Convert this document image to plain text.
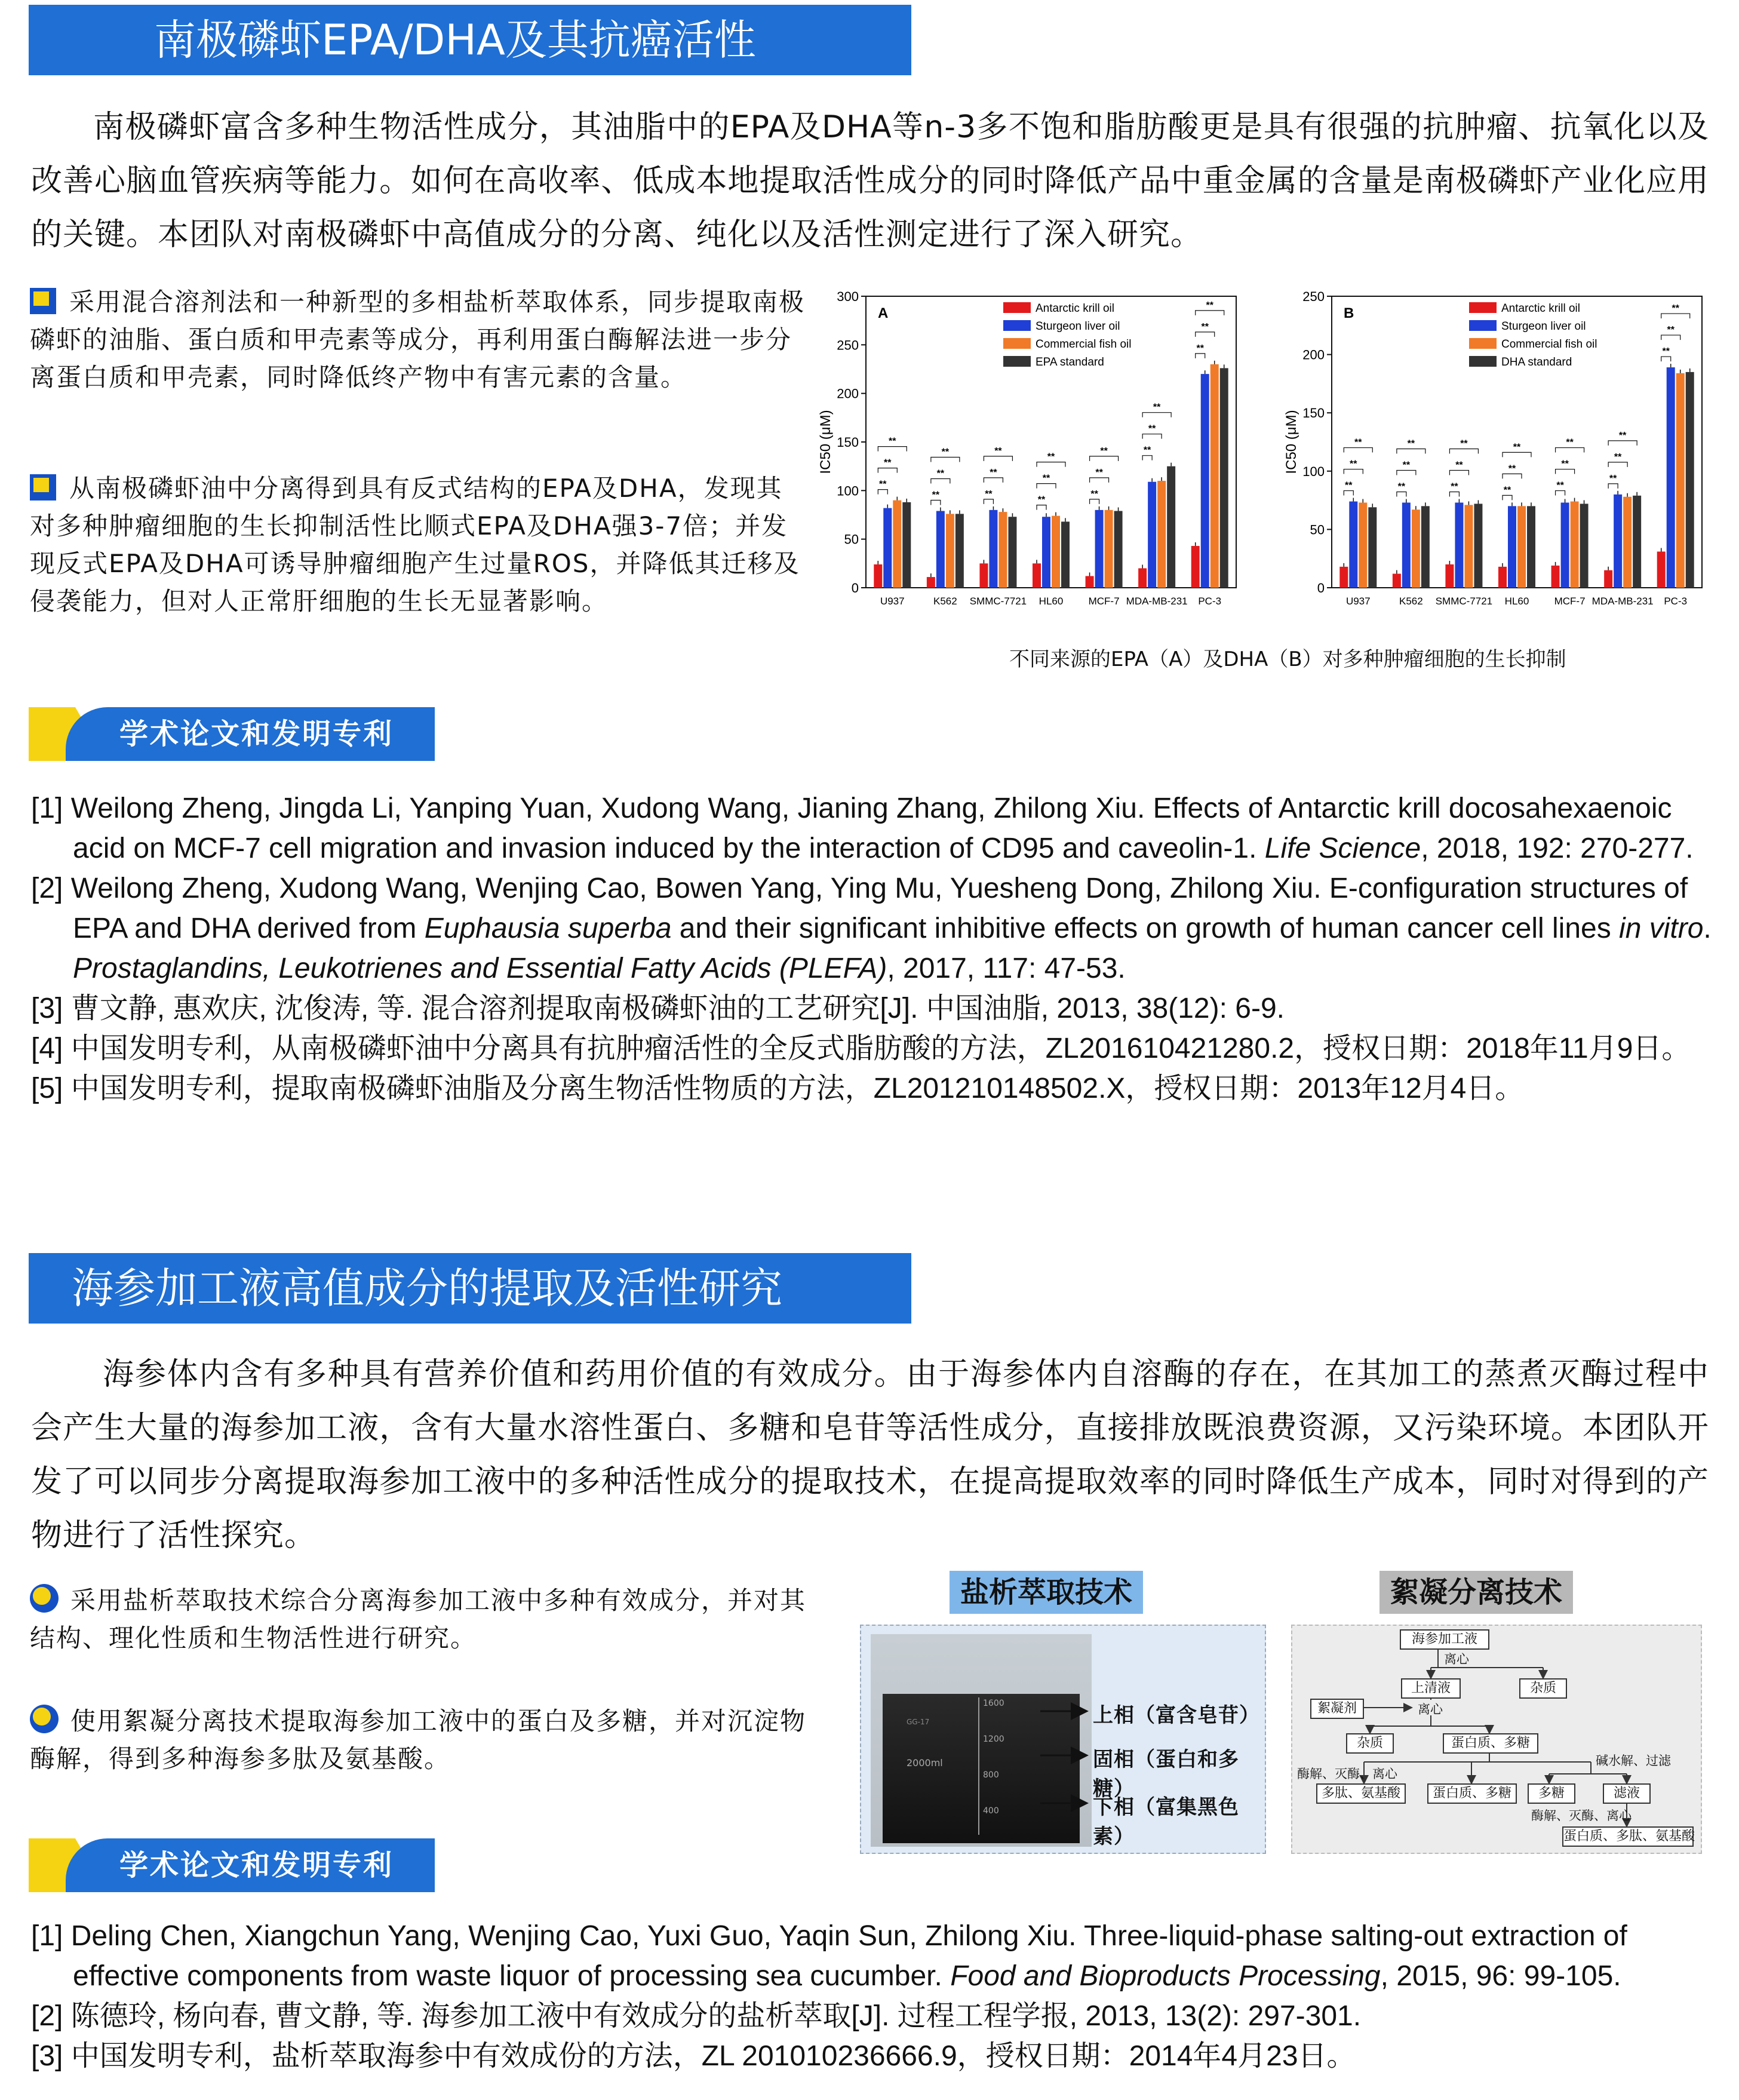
南极磷虾EPA/DHA及其抗癌活性
南极磷虾富含多种生物活性成分，其油脂中的EPA及DHA等n-3多不饱和脂肪酸更是具有很强的抗肿瘤、抗氧化以及改善心脑血管疾病等能力。如何在高收率、低成本地提取活性成分的同时降低产品中重金属的含量是南极磷虾产业化应用的关键。本团队对南极磷虾中高值成分的分离、纯化以及活性测定进行了深入研究。
采用混合溶剂法和一种新型的多相盐析萃取体系，同步提取南极磷虾的油脂、蛋白质和甲壳素等成分，再利用蛋白酶解法进一步分离蛋白质和甲壳素，同时降低终产物中有害元素的含量。
从南极磷虾油中分离得到具有反式结构的EPA及DHA，发现其对多种肿瘤细胞的生长抑制活性比顺式EPA及DHA强3-7倍；并发现反式EPA及DHA可诱导肿瘤细胞产生过量ROS，并降低其迁移及侵袭能力，但对人正常肝细胞的生长无显著影响。	0
50
100
150
200
250
300
IC50 (μM)
A
**
**
**
U937
**
**
**
K562
**
**
**
SMMC-7721
**
**
**
HL60
**
**
**
MCF-7
**
**
**
MDA-MB-231
**
**
**
PC-3
Antarctic krill oil
Sturgeon liver oil
Commercial fish oil
EPA standard
0
50
100
150
200
250
IC50 (μM)
B
**
**
**
U937
**
**
**
K562
**
**
**
SMMC-7721
**
**
**
HL60
**
**
**
MCF-7
**
**
**
MDA-MB-231
**
**
**
PC-3
Antarctic krill oil
Sturgeon liver oil
Commercial fish oil
DHA standard
不同来源的EPA（A）及DHA（B）对多种肿瘤细胞的生长抑制
学术论文和发明专利
[1] Weilong Zheng, Jingda Li, Yanping Yuan, Xudong Wang, Jianing Zhang, Zhilong Xiu. Effects of Antarctic krill docosahexaenoic acid on MCF-7 cell migration and invasion induced by the interaction of CD95 and caveolin-1. Life Science, 2018, 192: 270-277.
[2] Weilong Zheng, Xudong Wang, Wenjing Cao, Bowen Yang, Ying Mu, Yuesheng Dong, Zhilong Xiu. E-configuration structures of EPA and DHA derived from Euphausia superba and their significant inhibitive effects on growth of human cancer cell lines in vitro. Prostaglandins, Leukotrienes and Essential Fatty Acids (PLEFA), 2017, 117: 47-53.
[3] 曹文静, 惠欢庆, 沈俊涛, 等. 混合溶剂提取南极磷虾油的工艺研究[J]. 中国油脂, 2013, 38(12): 6-9.
[4] 中国发明专利，从南极磷虾油中分离具有抗肿瘤活性的全反式脂肪酸的方法，ZL201610421280.2，授权日期：2018年11月9日。
[5] 中国发明专利，提取南极磷虾油脂及分离生物活性物质的方法，ZL201210148502.X，授权日期：2013年12月4日。
海参加工液高值成分的提取及活性研究
海参体内含有多种具有营养价值和药用价值的有效成分。由于海参体内自溶酶的存在，在其加工的蒸煮灭酶过程中会产生大量的海参加工液，含有大量水溶性蛋白、多糖和皂苷等活性成分，直接排放既浪费资源，又污染环境。本团队开发了可以同步分离提取海参加工液中的多种活性成分的提取技术，在提高提取效率的同时降低生产成本，同时对得到的产物进行了活性探究。
采用盐析萃取技术综合分离海参加工液中多种有效成分，并对其结构、理化性质和生物活性进行研究。
使用絮凝分离技术提取海参加工液中的蛋白及多糖，并对沉淀物酶解，得到多种海参多肽及氨基酸。
盐析萃取技术
1600
1200
800
400
2000ml
GG-17	上相（富含皂苷）
固相（蛋白和多糖）
下相（富集黑色素）
絮凝分离技术
海参加工液
离心
上清液	杂质
絮凝剂	离心
杂质	蛋白质、多糖
酶解、灭酶、离心
碱水解、过滤
多肽、氨基酸	蛋白质、多糖	多糖	滤液
酶解、灭酶、离心
蛋白质、多肽、氨基酸
学术论文和发明专利
[1] Deling Chen, Xiangchun Yang, Wenjing Cao, Yuxi Guo, Yaqin Sun, Zhilong Xiu. Three-liquid-phase salting-out extraction of effective components from waste liquor of processing sea cucumber. Food and Bioproducts Processing, 2015, 96: 99-105.
[2] 陈德玲, 杨向春, 曹文静, 等. 海参加工液中有效成分的盐析萃取[J]. 过程工程学报, 2013, 13(2): 297-301.
[3] 中国发明专利，盐析萃取海参中有效成份的方法，ZL 201010236666.9，授权日期：2014年4月23日。
